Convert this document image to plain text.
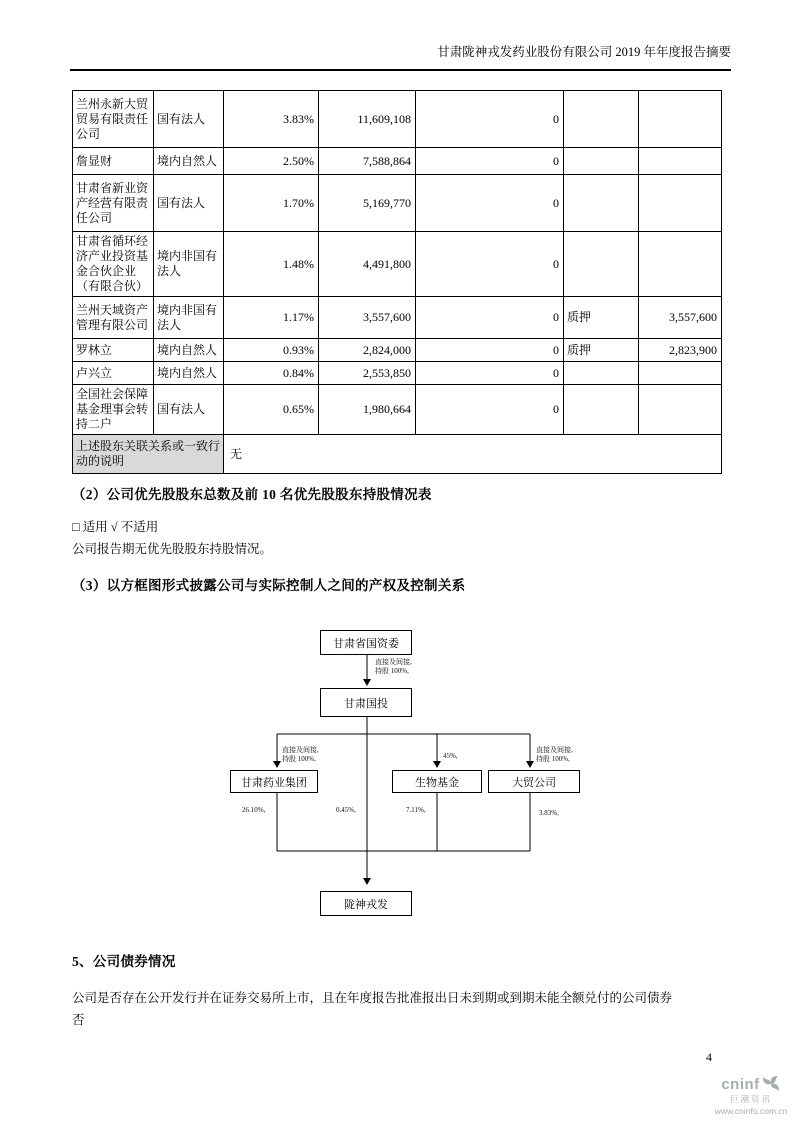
甘肃陇神戎发药业股份有限公司 2019 年年度报告摘要
兰州永新大贸贸易有限责任公司	国有法人	3.83%	11,609,108	0		
詹显财	境内自然人	2.50%	7,588,864	0		
甘肃省新业资产经营有限责任公司	国有法人	1.70%	5,169,770	0		
甘肃省循环经济产业投资基金合伙企业（有限合伙）	境内非国有法人	1.48%	4,491,800	0		
兰州天域资产管理有限公司	境内非国有法人	1.17%	3,557,600	0	质押	3,557,600
罗林立	境内自然人	0.93%	2,824,000	0	质押	2,823,900
卢兴立	境内自然人	0.84%	2,553,850	0		
全国社会保障基金理事会转持二户	国有法人	0.65%	1,980,664	0		
上述股东关联关系或一致行动的说明		无				
（2）公司优先股股东总数及前 10 名优先股股东持股情况表
□ 适用 √ 不适用
公司报告期无优先股股东持股情况。
（3）以方框图形式披露公司与实际控制人之间的产权及控制关系
甘肃省国资委
甘肃国投
甘肃药业集团	生物基金	大贸公司
陇神戎发
直接及间接,
持股 100%,
直接及间接,
持股 100%,	45%,
直接及间接,
持股 100%,
26.10%,	0.45%,	7.11%,	3.83%,
5、公司债券情况
公司是否存在公开发行并在证券交易所上市，且在年度报告批准报出日未到期或到期未能全额兑付的公司债券
否
4
cninf
巨潮资讯
www.cninfo.com.cn
